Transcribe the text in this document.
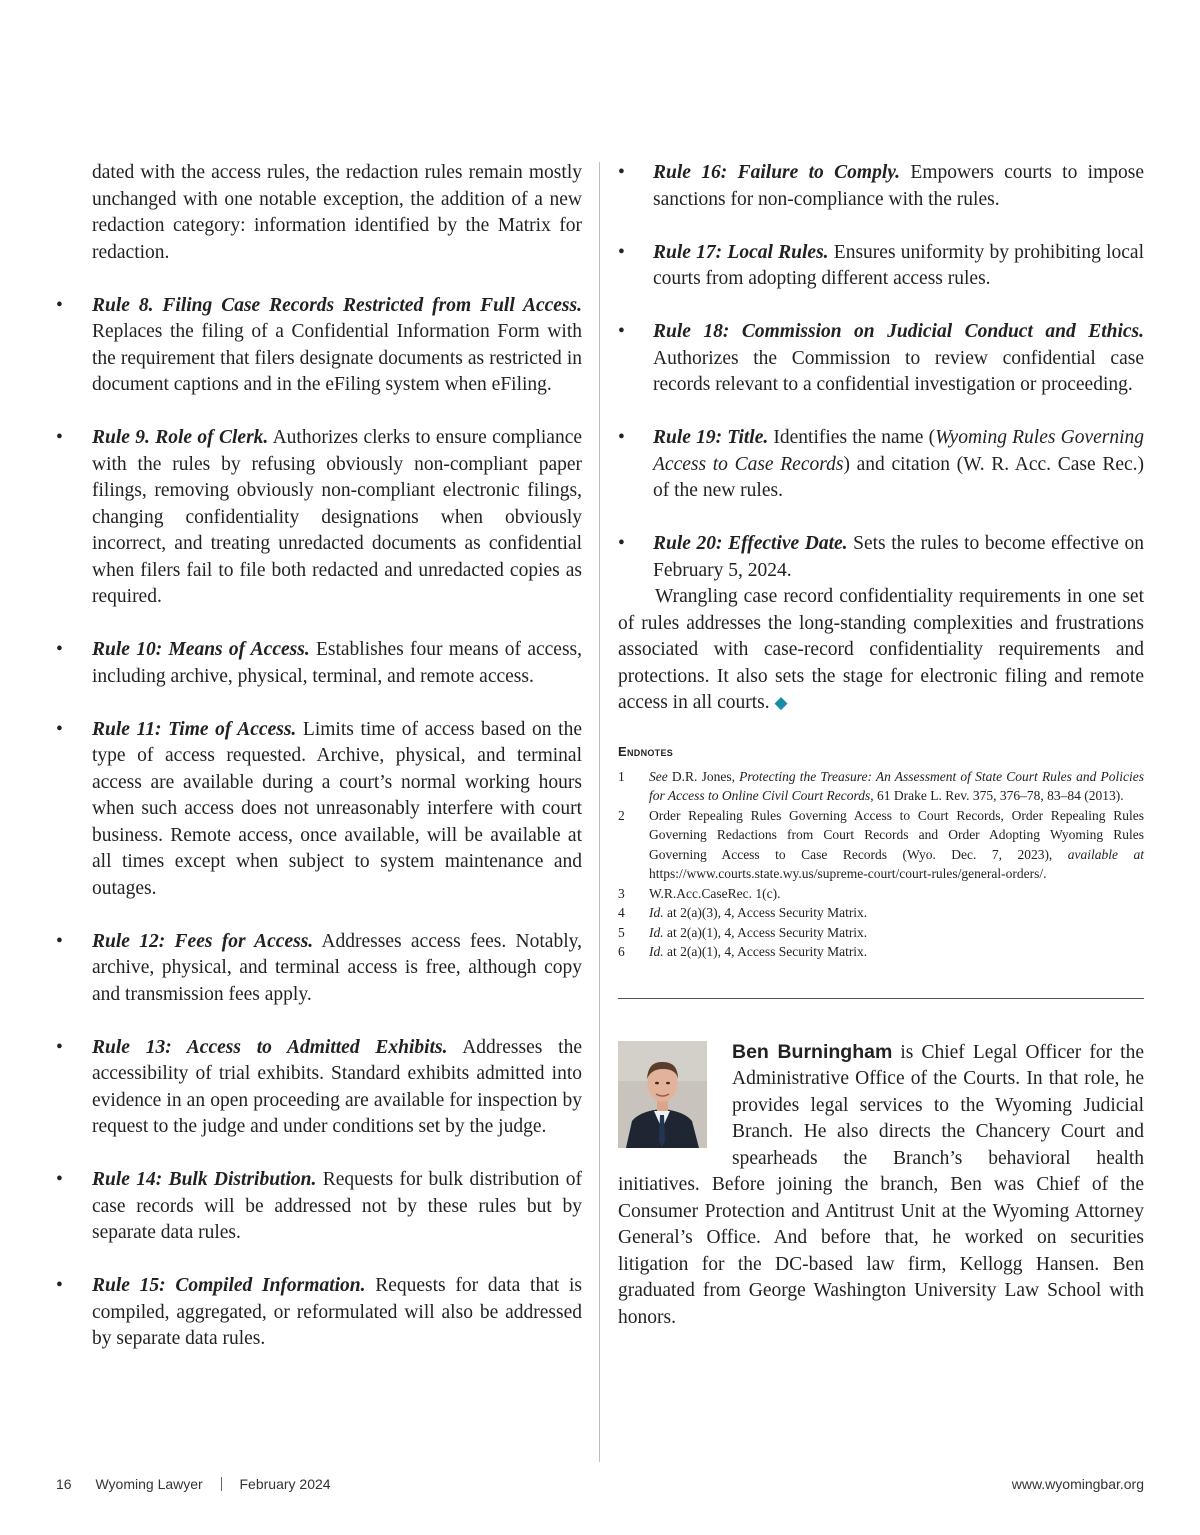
dated with the access rules, the redaction rules remain mostly unchanged with one notable exception, the addition of a new redaction category: information identified by the Matrix for redaction.

• Rule 8. Filing Case Records Restricted from Full Access. Replaces the filing of a Confidential Information Form with the requirement that filers designate documents as restricted in document captions and in the eFiling system when eFiling.

• Rule 9. Role of Clerk. Authorizes clerks to ensure compliance with the rules by refusing obviously non-compliant paper filings, removing obviously non-compliant electronic filings, changing confidentiality designations when obviously incorrect, and treating unredacted documents as confidential when filers fail to file both redacted and unredacted copies as required.

• Rule 10: Means of Access. Establishes four means of access, including archive, physical, terminal, and remote access.

• Rule 11: Time of Access. Limits time of access based on the type of access requested. Archive, physical, and terminal access are available during a court’s normal working hours when such access does not unreasonably interfere with court business. Remote access, once available, will be available at all times except when subject to system maintenance and outages.

• Rule 12: Fees for Access. Addresses access fees. Notably, archive, physical, and terminal access is free, although copy and transmission fees apply.

• Rule 13: Access to Admitted Exhibits. Addresses the accessibility of trial exhibits. Standard exhibits admitted into evidence in an open proceeding are available for inspection by request to the judge and under conditions set by the judge.

• Rule 14: Bulk Distribution. Requests for bulk distribution of case records will be addressed not by these rules but by separate data rules.

• Rule 15: Compiled Information. Requests for data that is compiled, aggregated, or reformulated will also be addressed by separate data rules.

• Rule 16: Failure to Comply. Empowers courts to impose sanctions for non-compliance with the rules.

• Rule 17: Local Rules. Ensures uniformity by prohibiting local courts from adopting different access rules.

• Rule 18: Commission on Judicial Conduct and Ethics. Authorizes the Commission to review confidential case records relevant to a confidential investigation or proceeding.

• Rule 19: Title. Identifies the name (Wyoming Rules Governing Access to Case Records) and citation (W. R. Acc. Case Rec.) of the new rules.

• Rule 20: Effective Date. Sets the rules to become effective on February 5, 2024.

Wrangling case record confidentiality requirements in one set of rules addresses the long-standing complexities and frustrations associated with case-record confidentiality requirements and protections. It also sets the stage for electronic filing and remote access in all courts. ◆

Endnotes
1 See D.R. Jones, Protecting the Treasure: An Assessment of State Court Rules and Policies for Access to Online Civil Court Records, 61 Drake L. Rev. 375, 376–78, 83–84 (2013).
2 Order Repealing Rules Governing Access to Court Records, Order Repealing Rules Governing Redactions from Court Records and Order Adopting Wyoming Rules Governing Access to Case Records (Wyo. Dec. 7, 2023), available at https://www.courts.state.wy.us/supreme-court/court-rules/general-orders/.
3 W.R.Acc.CaseRec. 1(c).
4 Id. at 2(a)(3), 4, Access Security Matrix.
5 Id. at 2(a)(1), 4, Access Security Matrix.
6 Id. at 2(a)(1), 4, Access Security Matrix.

Ben Burningham is Chief Legal Officer for the Administrative Office of the Courts. In that role, he provides legal services to the Wyoming Judicial Branch. He also directs the Chancery Court and spearheads the Branch’s behavioral health initiatives. Before joining the branch, Ben was Chief of the Consumer Protection and Antitrust Unit at the Wyoming Attorney General’s Office. And before that, he worked on securities litigation for the DC-based law firm, Kellogg Hansen. Ben graduated from George Washington University Law School with honors.

16 Wyoming Lawyer	February 2024	www.wyomingbar.org
